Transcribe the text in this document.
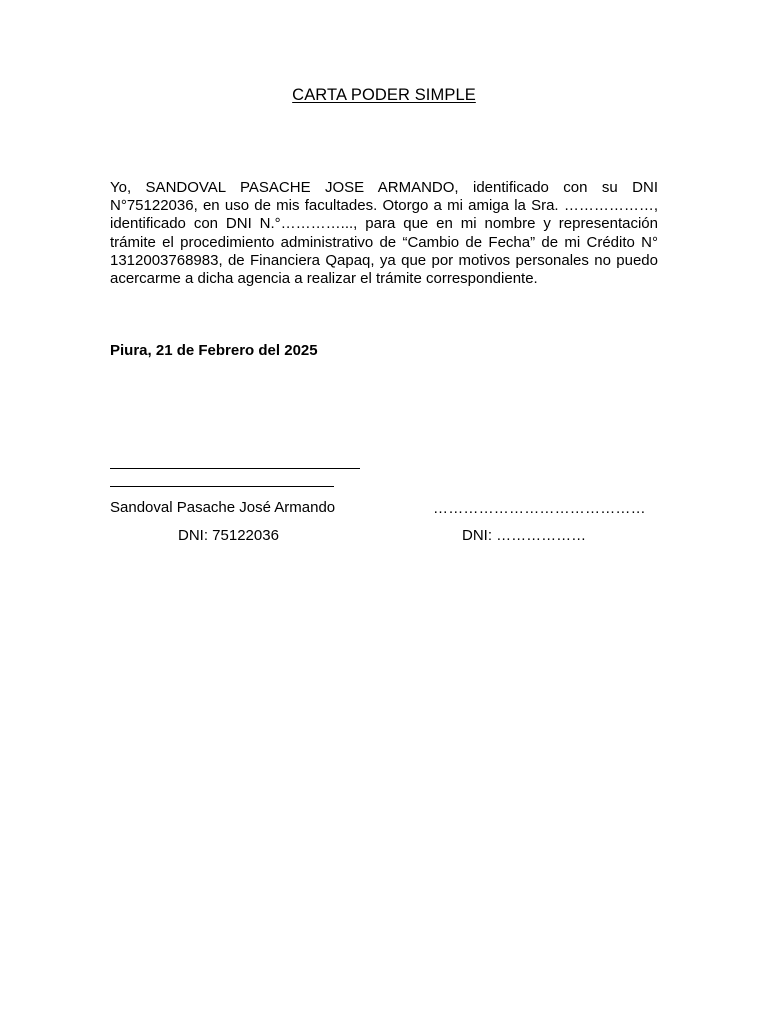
CARTA PODER SIMPLE

Yo, SANDOVAL PASACHE JOSE ARMANDO, identificado con su DNI N°75122036, en uso de mis facultades. Otorgo a mi amiga la Sra. ………………, identificado con DNI N.°…………..., para que en mi nombre y representación trámite el procedimiento administrativo de “Cambio de Fecha” de mi Crédito N° 1312003768983, de Financiera Qapaq, ya que por motivos personales no puedo acercarme a dicha agencia a realizar el trámite correspondiente.

Piura, 21 de Febrero del 2025
Sandoval Pasache José Armando	……………………………………
DNI: 75122036	DNI: ………………
